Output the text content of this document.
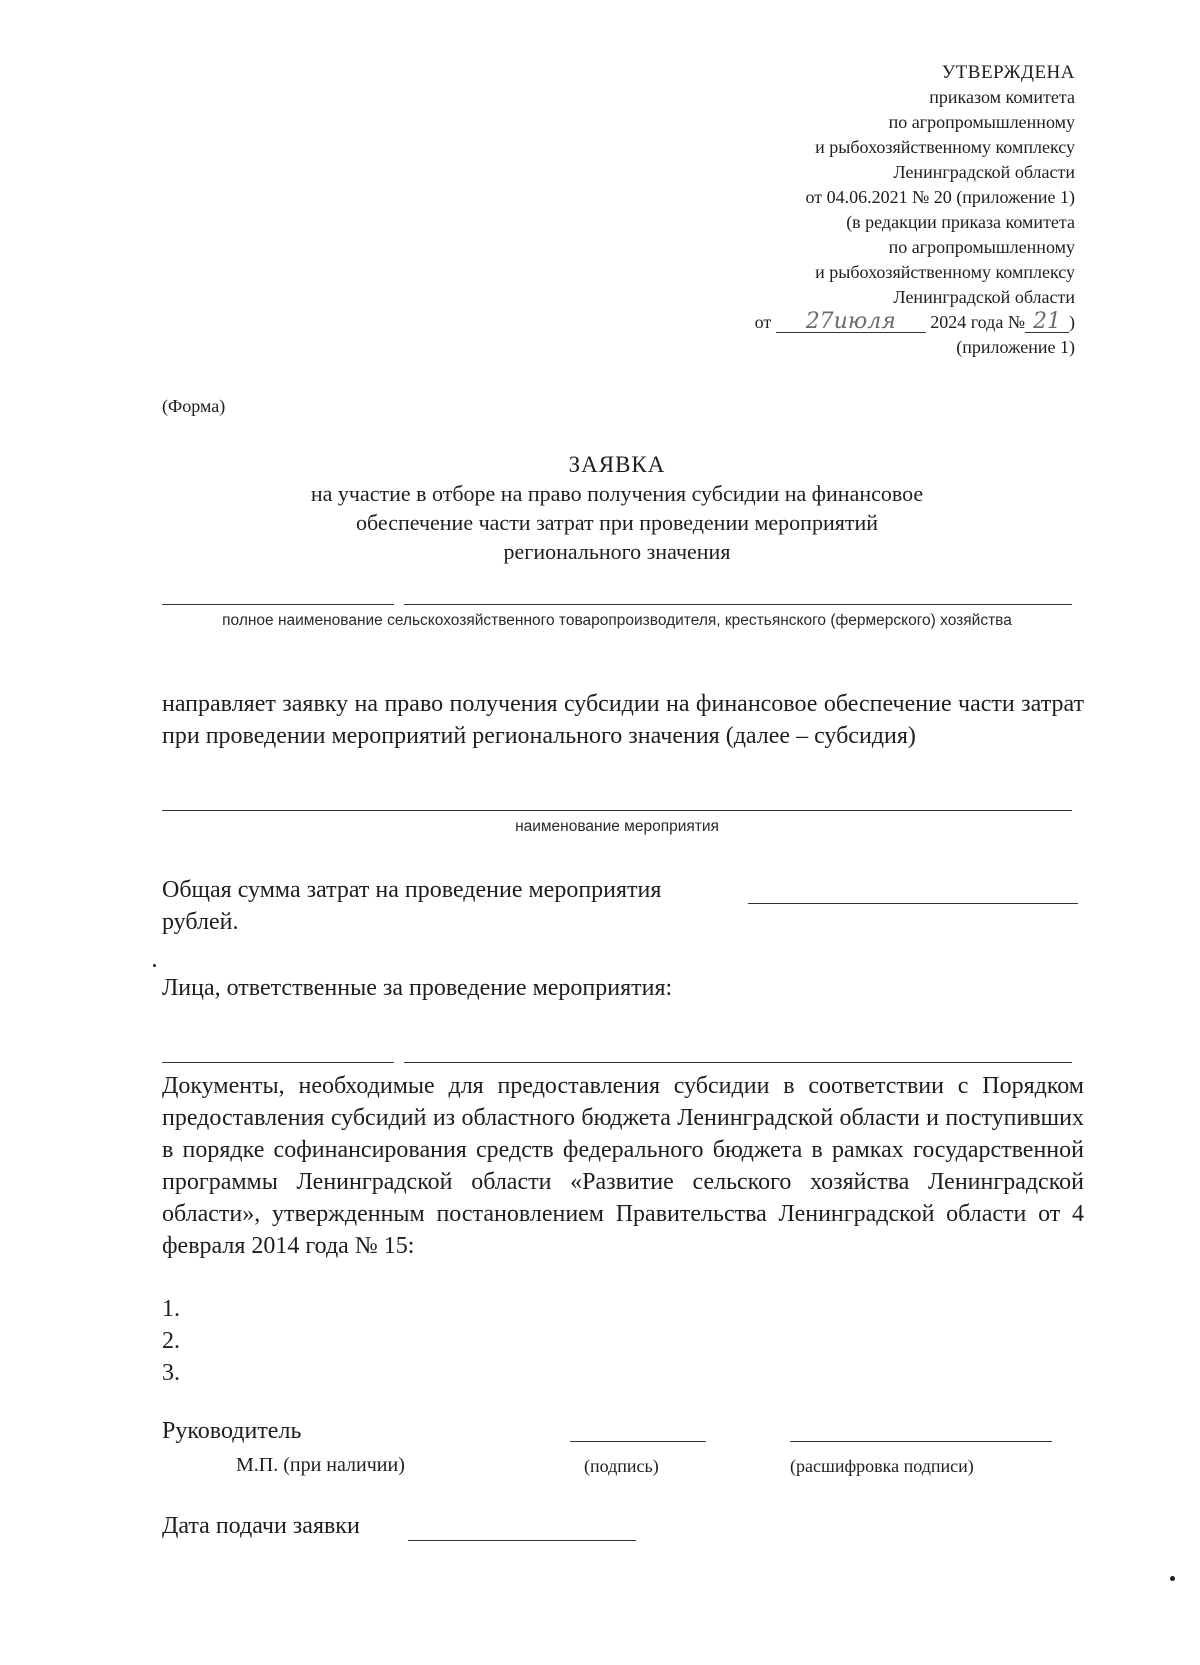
УТВЕРЖДЕНА
приказом комитета
по агропромышленному
и рыбохозяйственному комплексу
Ленинградской области
от 04.06.2021 № 20 (приложение 1)
(в редакции приказа комитета
по агропромышленному
и рыбохозяйственному комплексу
Ленинградской области
от 27июля 2024 года № 21 )
(приложение 1)
(Форма)
ЗАЯВКА
на участие в отборе на право получения субсидии на финансовое
обеспечение части затрат при проведении мероприятий
регионального значения
полное наименование сельскохозяйственного товаропроизводителя, крестьянского (фермерского) хозяйства
направляет заявку на право получения субсидии на финансовое обеспечение части затрат при проведении мероприятий регионального значения (далее – субсидия)
наименование мероприятия
Общая сумма затрат на проведение мероприятия
рублей.
Лица, ответственные за проведение мероприятия:
Документы, необходимые для предоставления субсидии в соответствии с Порядком предоставления субсидий из областного бюджета Ленинградской области и поступивших в порядке софинансирования средств федерального бюджета в рамках государственной программы Ленинградской области «Развитие сельского хозяйства Ленинградской области», утвержденным постановлением Правительства Ленинградской области от 4 февраля 2014 года № 15:
1.
2.
3.
Руководитель
М.П. (при наличии)	(подпись)	(расшифровка подписи)
Дата подачи заявки
